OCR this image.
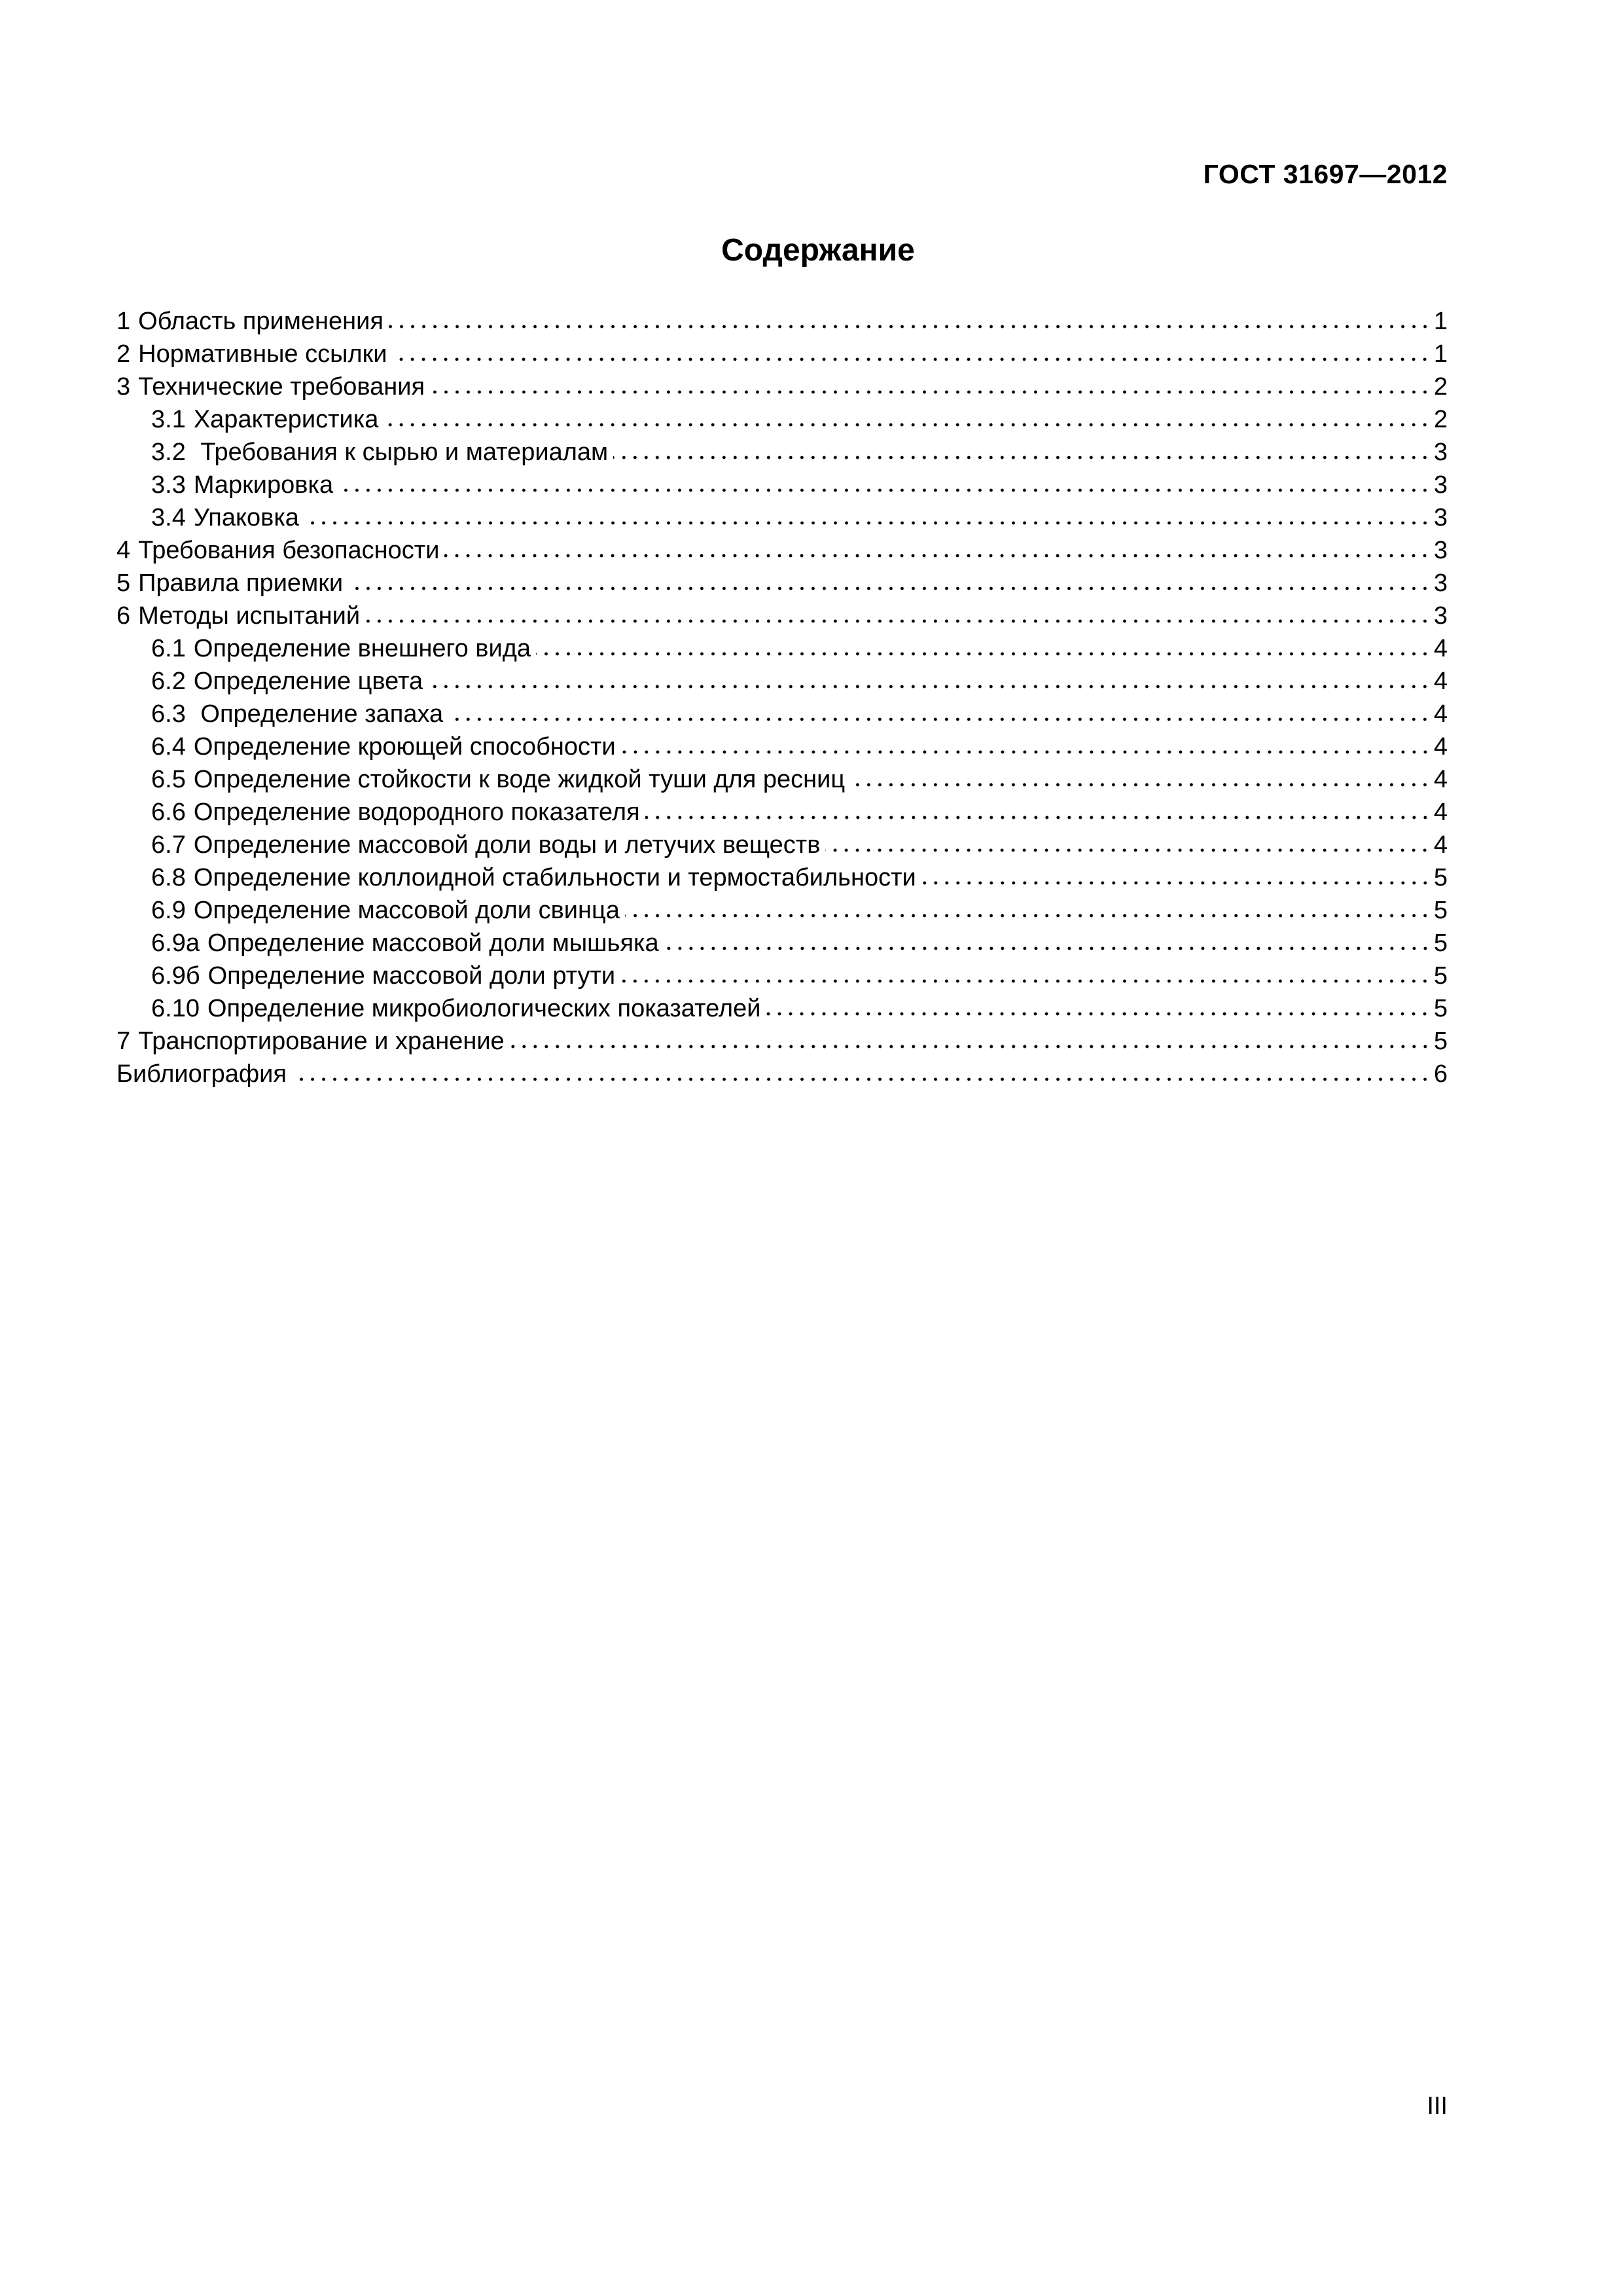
ГОСТ 31697—2012
Содержание
1 Область применения	1
2 Нормативные ссылки	1
3 Технические требования	2
3.1 Характеристика	2
3.2 Требования к сырью и материалам	3
3.3 Маркировка	3
3.4 Упаковка	3
4 Требования безопасности	3
5 Правила приемки	3
6 Методы испытаний	3
6.1 Определение внешнего вида	4
6.2 Определение цвета	4
6.3 Определение запаха	4
6.4 Определение кроющей способности	4
6.5 Определение стойкости к воде жидкой туши для ресниц	4
6.6 Определение водородного показателя	4
6.7 Определение массовой доли воды и летучих веществ	4
6.8 Определение коллоидной стабильности и термостабильности	5
6.9 Определение массовой доли свинца	5
6.9а Определение массовой доли мышьяка	5
6.9б Определение массовой доли ртути	5
6.10 Определение микробиологических показателей	5
7 Транспортирование и хранение	5
Библиография	6
III
